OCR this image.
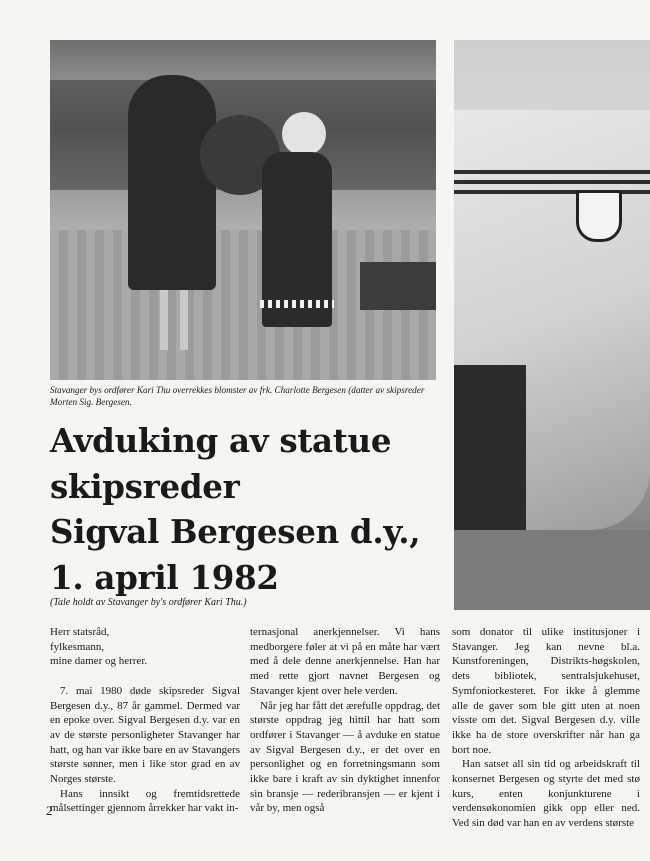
Stavanger bys ordfører Kari Thu overrekkes blomster av frk. Charlotte Bergesen (datter av skipsreder Morten Sig. Bergesen.
Avduking av statue
skipsreder
Sigval Bergesen d.y.,
1. april 1982
(Tale holdt av Stavanger by's ordfører Kari Thu.)

Herr statsråd,

fylkesmann,

mine damer og herrer.

7. mai 1980 døde skipsreder Sigval Bergesen d.y., 87 år gammel. Dermed var en epoke over. Sigval Bergesen d.y. var en av de største personligheter Stavanger har hatt, og han var ikke bare en av Stavangers største sønner, men i like stor grad en av Norges største.

Hans innsikt og fremtidsrettede målsettinger gjennom årrekker har vakt in-

ternasjonal anerkjennelser. Vi hans medborgere føler at vi på en måte har vært med å dele denne anerkjennelse. Han har med rette gjort navnet Bergesen og Stavanger kjent over hele verden.

Når jeg har fått det ærefulle oppdrag, det største oppdrag jeg hittil har hatt som ordfører i Stavanger — å avduke en statue av Sigval Bergesen d.y., er det over en personlighet og en forretningsmann som ikke bare i kraft av sin dyktighet innenfor sin bransje — rederibransjen — er kjent i vår by, men også

som donator til ulike institusjoner i Stavanger. Jeg kan nevne bl.a. Kunstforeningen, Distrikts-høgskolen, dets bibliotek, sentralsjukehuset, Symfoniorkesteret. For ikke å glemme alle de gaver som ble gitt uten at noen visste om det. Sigval Bergesen d.y. ville ikke ha de store overskrifter når han ga bort noe.

Han satset all sin tid og arbeidskraft til konsernet Bergesen og styrte det med stø kurs, enten konjunkturene i verdensøkonomien gikk opp eller ned. Ved sin død var han en av verdens største

2
